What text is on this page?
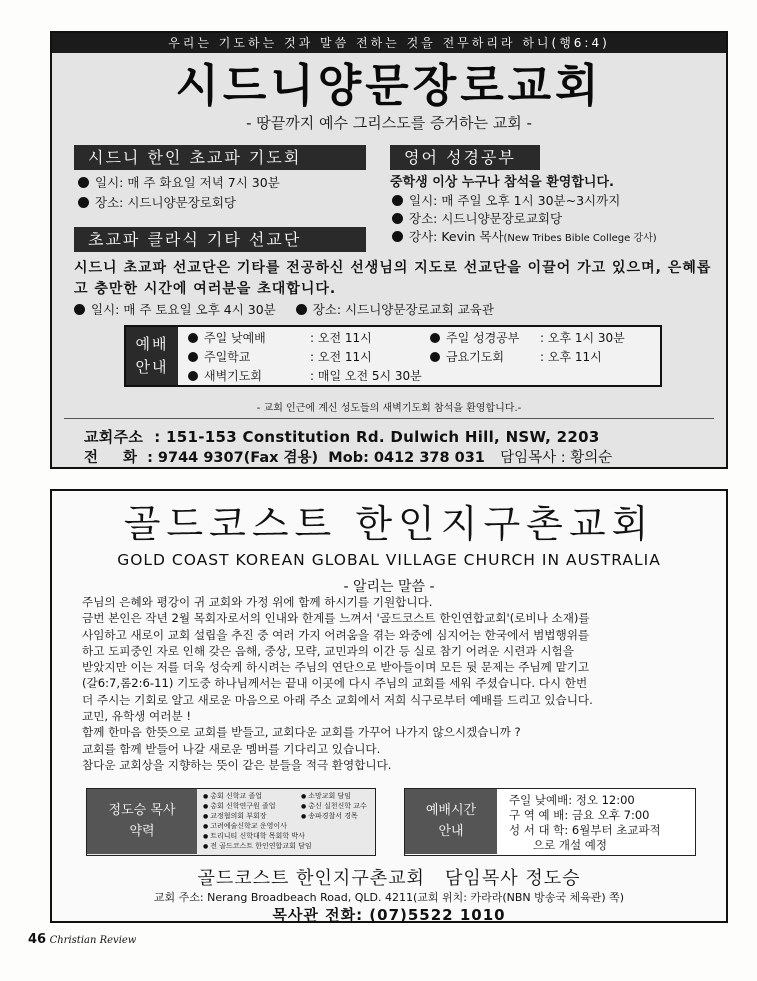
우리는 기도하는 것과 말씀 전하는 것을 전무하리라 하니(행6:4)
시드니양문장로교회
- 땅끝까지 예수 그리스도를 증거하는 교회 -
시드니 한인 초교파 기도회
일시: 매 주 화요일 저녁 7시 30분
장소: 시드니양문장로회당
초교파 클라식 기타 선교단
영어 성경공부
중학생 이상 누구나 참석을 환영합니다.
일시: 매 주일 오후 1시 30분~3시까지
장소: 시드니양문장로교회당
강사: Kevin 목사(New Tribes Bible College 강사)
시드니 초교파 선교단은 기타를 전공하신 선생님의 지도로 선교단을 이끌어 가고 있으며, 은혜롭고 충만한 시간에 여러분을 초대합니다.
일시: 매 주 토요일 오후 4시 30분	장소: 시드니양문장로교회 교육관
예배
안내
주일 낮예배	: 오전 11시
주일학교	: 오전 11시
새벽기도회	: 매일 오전 5시 30분
주일 성경공부 : 오후 1시 30분
금요기도회	: 오후 11시
- 교회 인근에 계신 성도들의 새벽기도회 참석을 환영합니다.-
교회주소 : 151-153 Constitution Rd. Dulwich Hill, NSW, 2203
전 화: 9744 9307(Fax 겸용) Mob: 0412 378 031 담임목사 : 황의순
골드코스트 한인지구촌교회
GOLD COAST KOREAN GLOBAL VILLAGE CHURCH IN AUSTRALIA
- 알리는 말씀 -
주님의 은혜와 평강이 귀 교회와 가정 위에 함께 하시기를 기원합니다.
금번 본인은 작년 2월 목회자로서의 인내와 한계를 느껴서 '골드코스트 한인연합교회'(로비나 소재)를
사임하고 새로이 교회 설립을 추진 중 여러 가지 어려움을 겪는 와중에 심지어는 한국에서 범법행위를
하고 도피중인 자로 인해 갖은 음해, 중상, 모략, 교민과의 이간 등 실로 참기 어려운 시련과 시험을
받았지만 이는 저를 더욱 성숙케 하시려는 주님의 연단으로 받아들이며 모든 뒷 문제는 주님께 맡기고
(갈6:7,롬2:6-11) 기도중 하나님께서는 끝내 이곳에 다시 주님의 교회를 세워 주셨습니다. 다시 한번
더 주시는 기회로 알고 새로운 마음으로 아래 주소 교회에서 저희 식구로부터 예배를 드리고 있습니다.
교민, 유학생 여러분 !
함께 한마음 한뜻으로 교회를 받들고, 교회다운 교회를 가꾸어 나가지 않으시겠습니까 ?
교회를 함께 받들어 나갈 새로운 멤버를 기다리고 있습니다.
참다운 교회상을 지향하는 뜻이 같은 분들을 적극 환영합니다.
정도승 목사
약력
● 총회 신학교 졸업
● 총회 신학연구원 졸업
● 교정협의회 부회장
● 고려예술신학교 운영이사
● 트리니티 신학대학 목회학 박사
● 전 골드코스트 한인연합교회 담임
● 소망교회 담임
● 총신 실천신학 교수
● 송파경찰서 경목	예배시간
안내
주일 낮예배: 정오 12:00
구 역 예 배: 금요 오후 7:00
성 서 대 학: 6월부터 초교파적
으로 개설 예정
골드코스트 한인지구촌교회   담임목사 정도승
교회 주소: Nerang Broadbeach Road, QLD. 4211(교회 위치: 카라라(NBN 방송국 체육관) 쪽)
목사관 전화: (07)5522 1010
46 Christian Review
